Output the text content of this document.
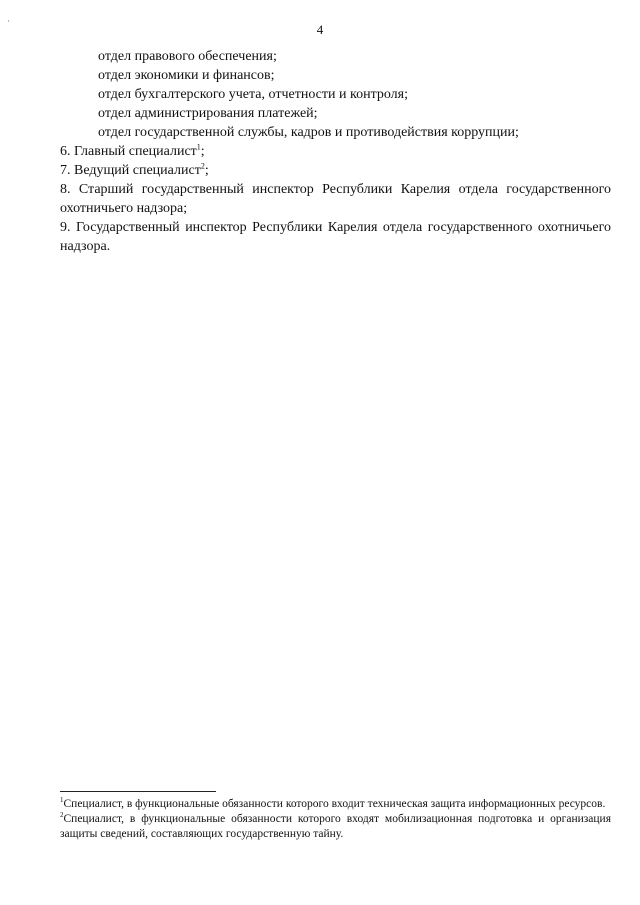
4
отдел правового обеспечения;
отдел экономики и финансов;
отдел бухгалтерского учета, отчетности и контроля;
отдел администрирования платежей;
отдел государственной службы, кадров и противодействия коррупции;
6. Главный специалист$^1$;
7. Ведущий специалист$^2$;
8. Старший государственный инспектор Республики Карелия отдела государственного охотничьего надзора;
9. Государственный инспектор Республики Карелия отдела государственного охотничьего надзора.
$^1$Специалист, в функциональные обязанности которого входит техническая защита информационных ресурсов.
$^2$Специалист, в функциональные обязанности которого входят мобилизационная подготовка и организация защиты сведений, составляющих государственную тайну.
